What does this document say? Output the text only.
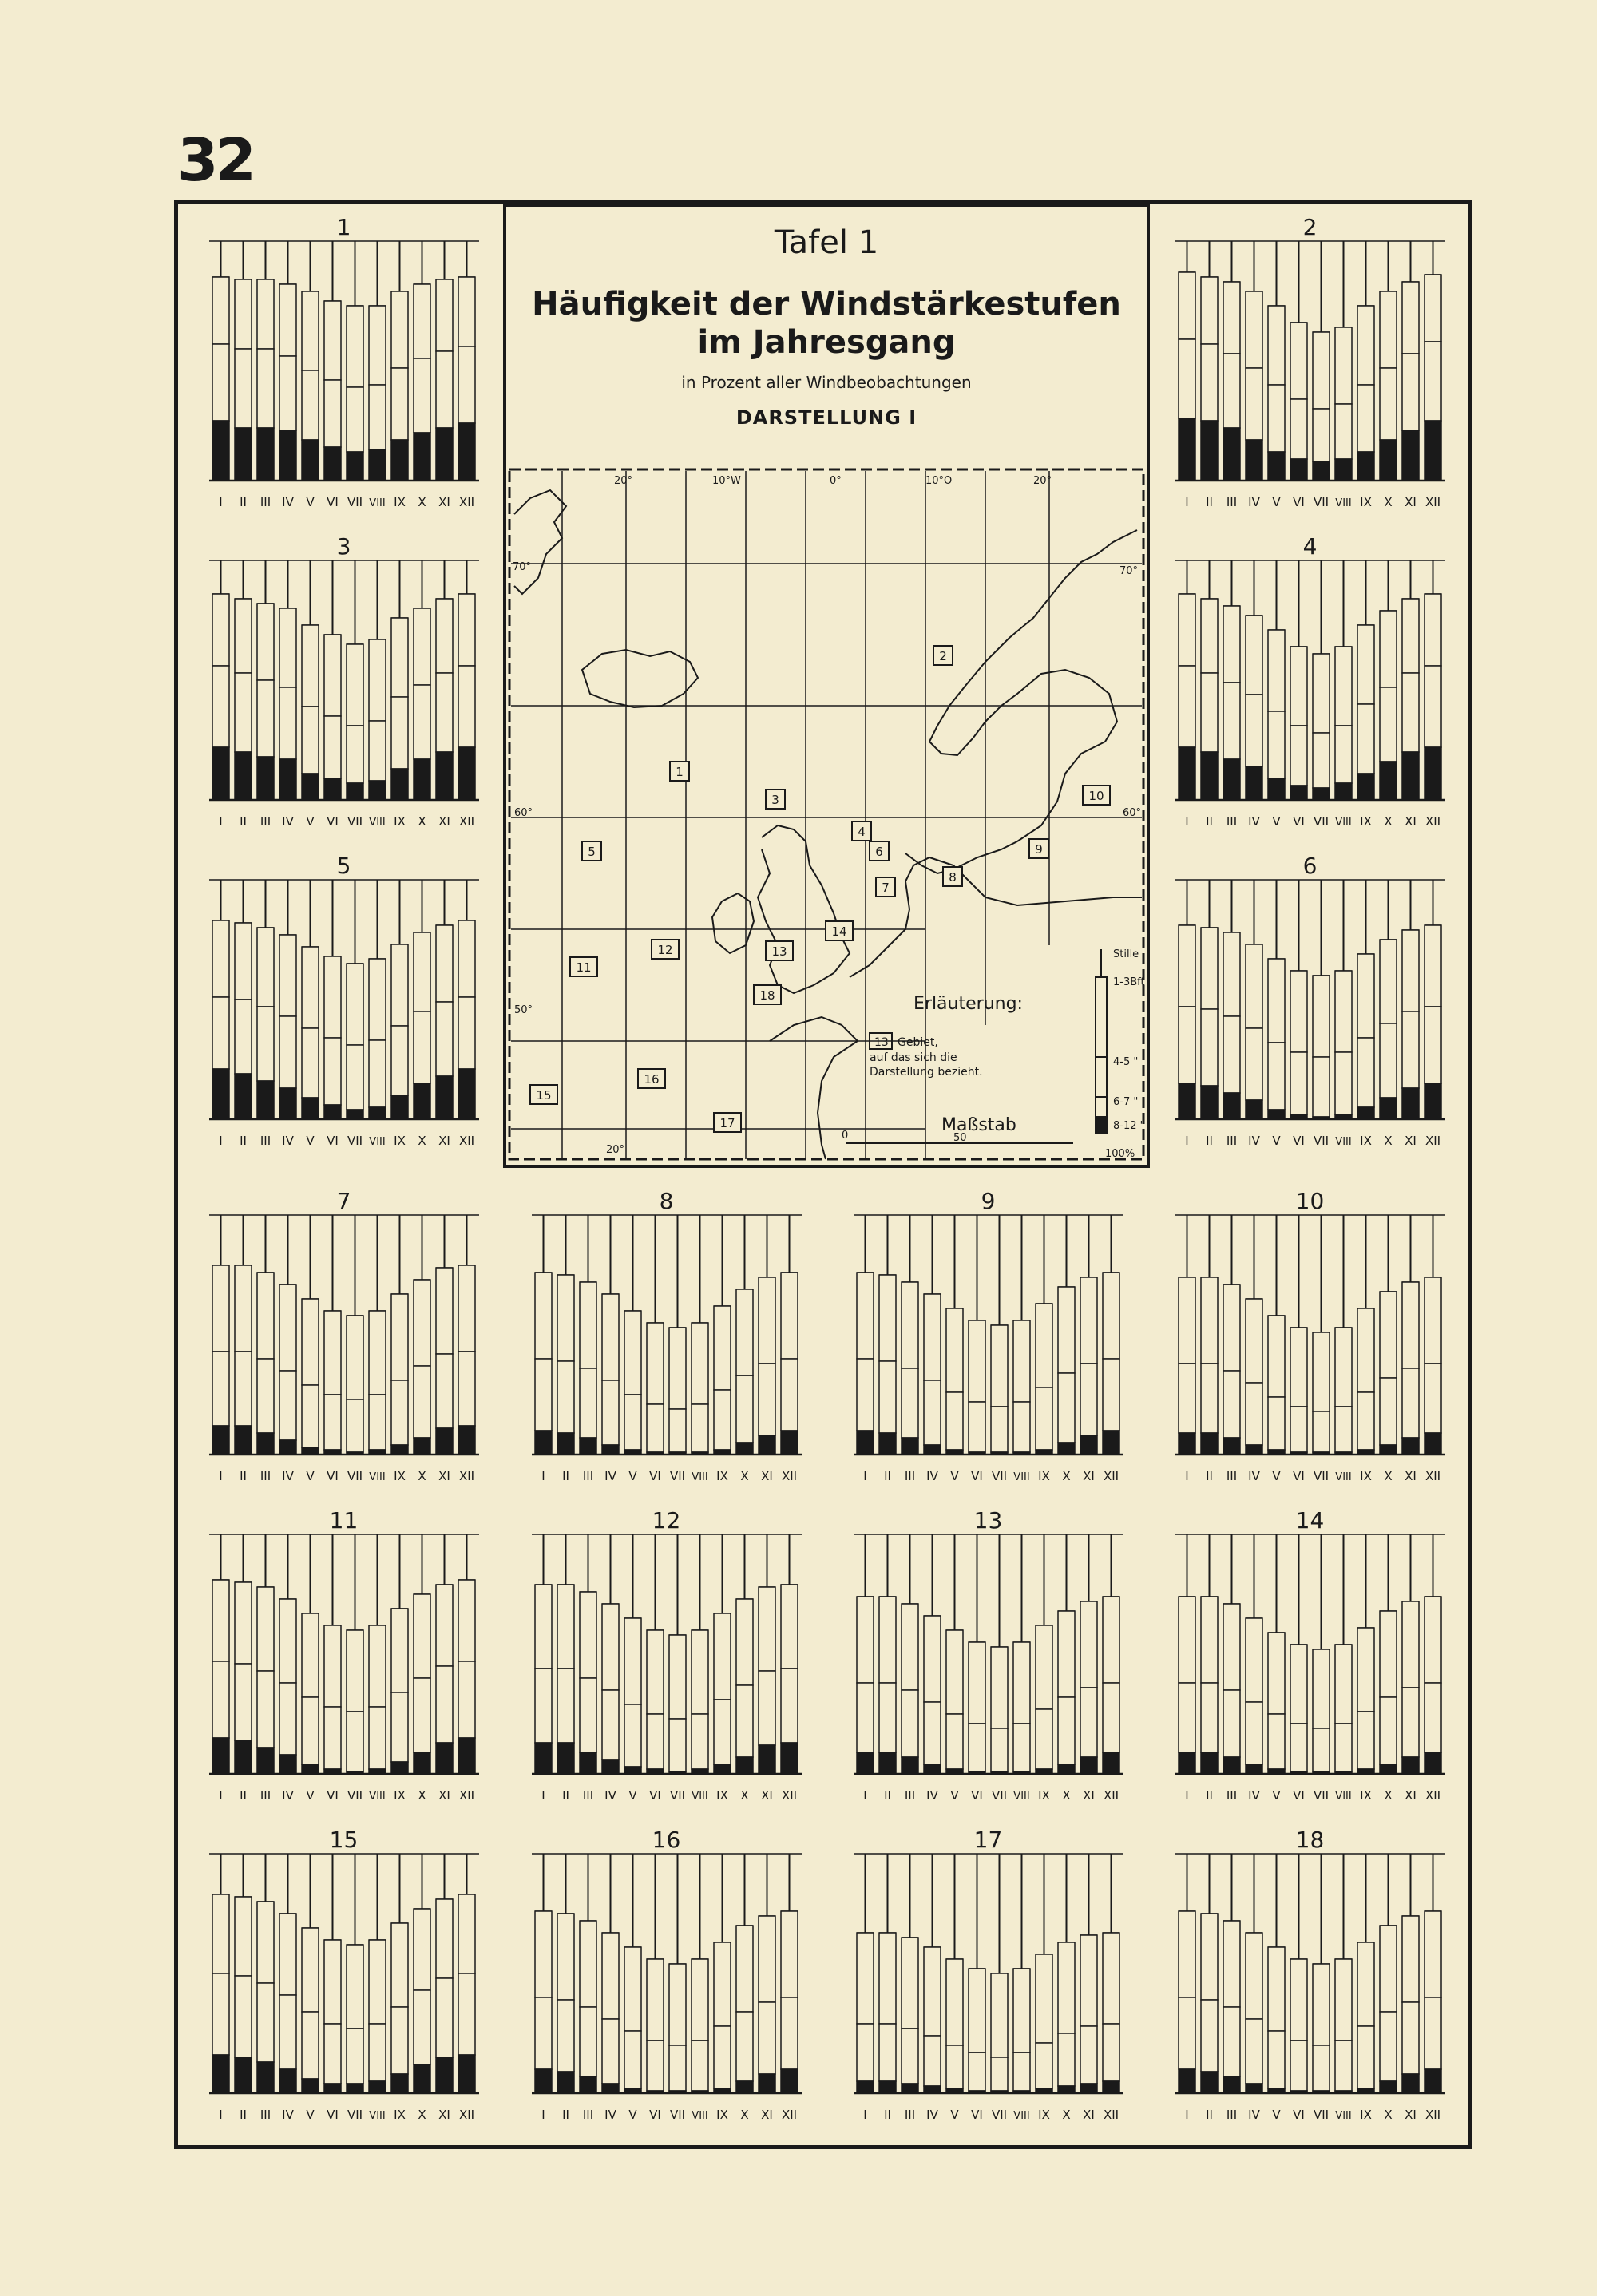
32
Tafel 1
Häufigkeit der Windstärkestufen
im Jahresgang
in Prozent aller Windbeobachtungen
DARSTELLUNG I
20°	10°W	0°	10°O	20°
20°
70°	70°
60°	60°
50°
1
2
3
4
5	6
7
8
9
10
11
12	13
14
15
16
17
18	Erläuterung:
13 Gebiet,
auf das sich die
Darstellung bezieht.
Maßstab
0	50
100%
Stille
1-3Bft
4-5 "
6-7 "
8-12 "
1
I II III IV V VI VII VIII IX X XI XII
2
I II III IV V VI VII VIII IX X XI XII
3
I II III IV V VI VII VIII IX X XI XII
4
I II III IV V VI VII VIII IX X XI XII
5
I II III IV V VI VII VIII IX X XI XII
6
I II III IV V VI VII VIII IX X XI XII
7
I II III IV V VI VII VIII IX X XI XII
8
I II III IV V VI VII VIII IX X XI XII
9
I II III IV V VI VII VIII IX X XI XII
10
I II III IV V VI VII VIII IX X XI XII
11
I II III IV V VI VII VIII IX X XI XII
12
I II III IV V VI VII VIII IX X XI XII
13
I II III IV V VI VII VIII IX X XI XII
14
I II III IV V VI VII VIII IX X XI XII
15
I II III IV V VI VII VIII IX X XI XII
16
I II III IV V VI VII VIII IX X XI XII
17
I II III IV V VI VII VIII IX X XI XII
18
I II III IV V VI VII VIII IX X XI XII
